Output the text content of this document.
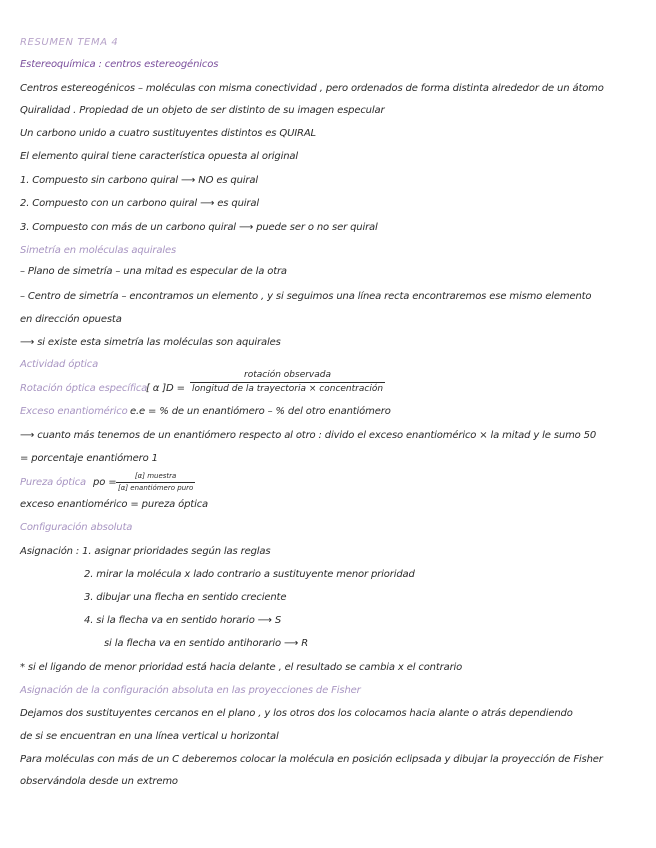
RESUMEN TEMA 4
Estereoquímica : centros estereogénicos
Centros estereogénicos – moléculas con misma conectividad , pero ordenados de forma distinta alrededor de un átomo
Quiralidad . Propiedad de un objeto de ser distinto de su imagen especular
Un carbono unido a cuatro sustituyentes distintos es QUIRAL
El elemento quiral tiene característica opuesta al original
1. Compuesto sin carbono quiral ⟶ NO es quiral
2. Compuesto con un carbono quiral ⟶ es quiral
3. Compuesto con más de un carbono quiral ⟶ puede ser o no ser quiral
Simetría en moléculas aquirales
– Plano de simetría – una mitad es especular de la otra
– Centro de simetría – encontramos un elemento , y si seguimos una línea recta encontraremos ese mismo elemento
en dirección opuesta
⟶ si existe esta simetría las moléculas son aquirales
Actividad óptica
Rotación óptica específica
[ α ]D =
rotación observada
longitud de la trayectoria × concentración
Exceso enantiomérico e.e = % de un enantiómero – % del otro enantiómero
⟶ cuanto más tenemos de un enantiómero respecto al otro : divido el exceso enantiomérico × la mitad y le sumo 50
= porcentaje enantiómero 1
Pureza óptica po =
[α] muestra
[α] enantiómero puro
exceso enantiomérico = pureza óptica
Configuración absoluta
Asignación : 1. asignar prioridades según las reglas
2. mirar la molécula x lado contrario a sustituyente menor prioridad
3. dibujar una flecha en sentido creciente
4. si la flecha va en sentido horario ⟶ S
si la flecha va en sentido antihorario ⟶ R
* si el ligando de menor prioridad está hacia delante , el resultado se cambia x el contrario
Asignación de la configuración absoluta en las proyecciones de Fisher
Dejamos dos sustituyentes cercanos en el plano , y los otros dos los colocamos hacia alante o atrás dependiendo
de si se encuentran en una línea vertical u horizontal
Para moléculas con más de un C deberemos colocar la molécula en posición eclipsada y dibujar la proyección de Fisher
observándola desde un extremo
